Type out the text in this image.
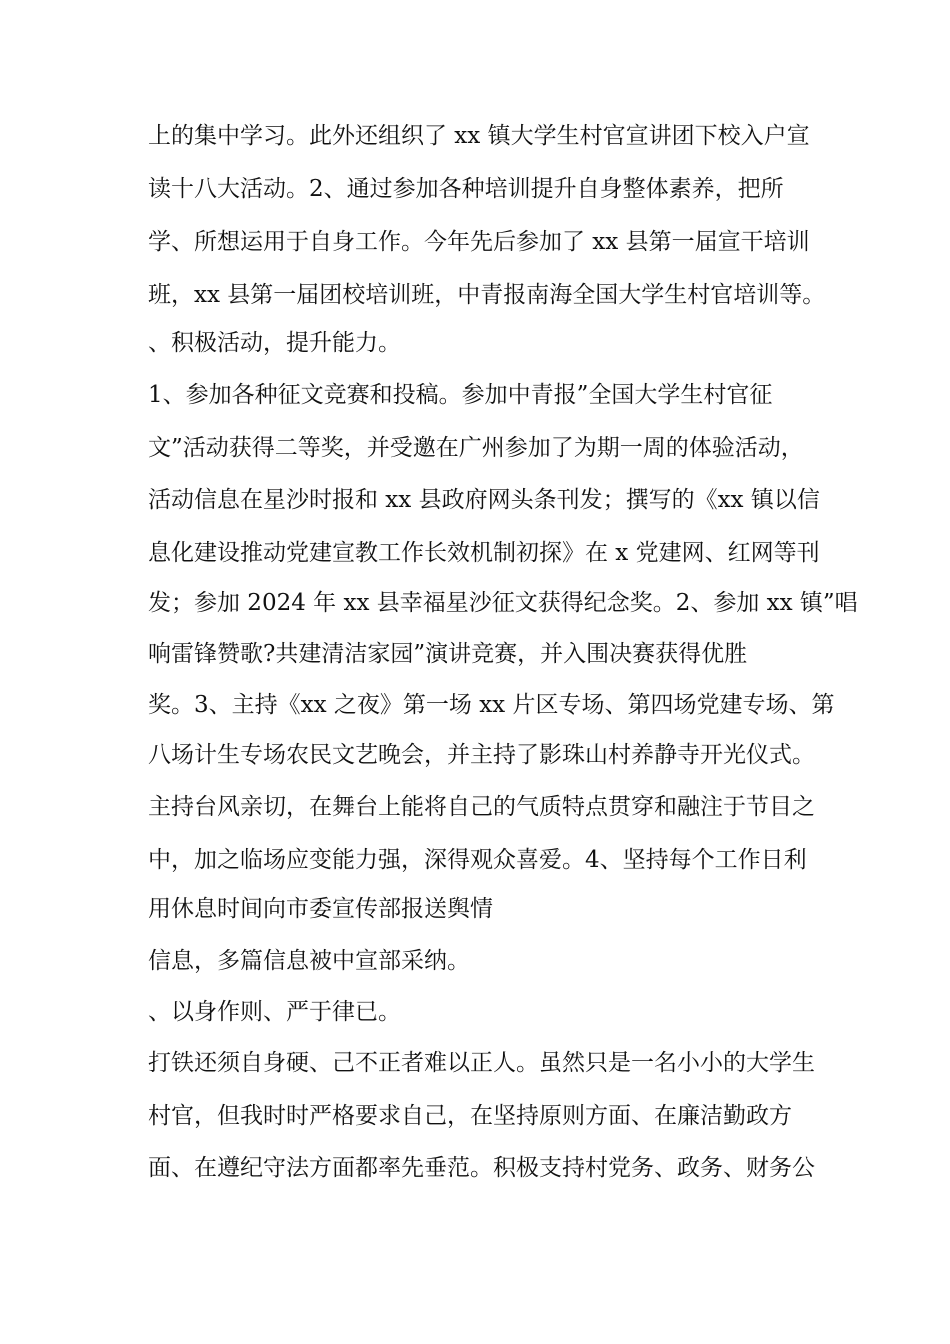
上的集中学习。此外还组织了 xx 镇大学生村官宣讲团下校入户宣
读十八大活动。2、通过参加各种培训提升自身整体素养，把所
学、所想运用于自身工作。今年先后参加了 xx 县第一届宣干培训
班，xx 县第一届团校培训班，中青报南海全国大学生村官培训等。
、积极活动，提升能力。
1、参加各种征文竞赛和投稿。参加中青报”全国大学生村官征
文”活动获得二等奖，并受邀在广州参加了为期一周的体验活动，
活动信息在星沙时报和 xx 县政府网头条刊发；撰写的《xx 镇以信
息化建设推动党建宣教工作长效机制初探》在 x 党建网、红网等刊
发；参加 2024 年 xx 县幸福星沙征文获得纪念奖。2、参加 xx 镇”唱
响雷锋赞歌?共建清洁家园”演讲竞赛，并入围决赛获得优胜
奖。3、主持《xx 之夜》第一场 xx 片区专场、第四场党建专场、第
八场计生专场农民文艺晚会，并主持了影珠山村养静寺开光仪式。
主持台风亲切，在舞台上能将自己的气质特点贯穿和融注于节目之
中，加之临场应变能力强，深得观众喜爱。4、坚持每个工作日利
用休息时间向市委宣传部报送舆情
信息，多篇信息被中宣部采纳。
、以身作则、严于律已。
打铁还须自身硬、己不正者难以正人。虽然只是一名小小的大学生
村官，但我时时严格要求自己，在坚持原则方面、在廉洁勤政方
面、在遵纪守法方面都率先垂范。积极支持村党务、政务、财务公
